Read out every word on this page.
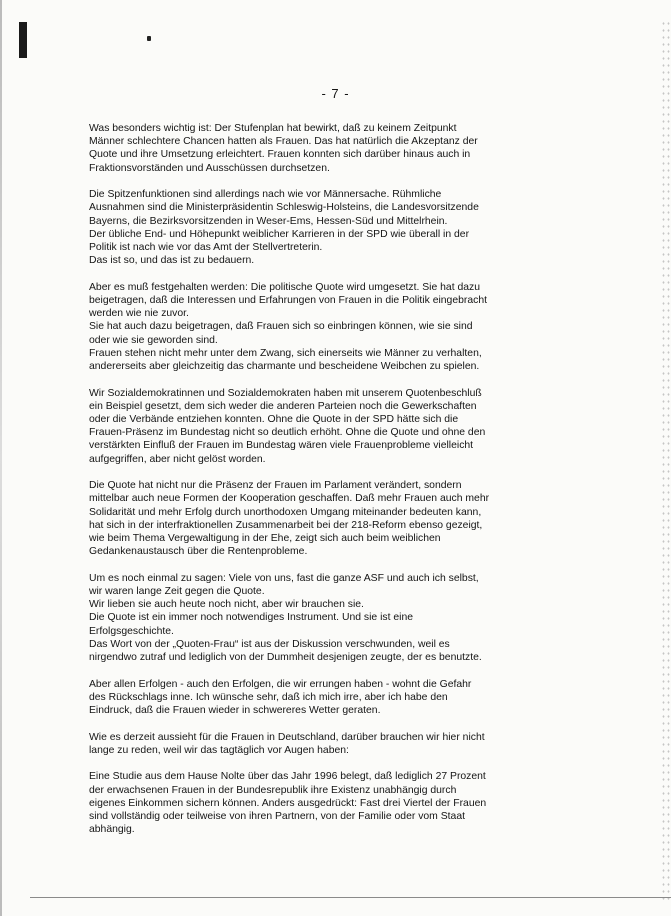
- 7 -

Was besonders wichtig ist: Der Stufenplan hat bewirkt, daß zu keinem Zeitpunkt
Männer schlechtere Chancen hatten als Frauen. Das hat natürlich die Akzeptanz der
Quote und ihre Umsetzung erleichtert. Frauen konnten sich darüber hinaus auch in
Fraktionsvorständen und Ausschüssen durchsetzen.

Die Spitzenfunktionen sind allerdings nach wie vor Männersache. Rühmliche
Ausnahmen sind die Ministerpräsidentin Schleswig-Holsteins, die Landesvorsitzende
Bayerns, die Bezirksvorsitzenden in Weser-Ems, Hessen-Süd und Mittelrhein.
Der übliche End- und Höhepunkt weiblicher Karrieren in der SPD wie überall in der
Politik ist nach wie vor das Amt der Stellvertreterin.
Das ist so, und das ist zu bedauern.

Aber es muß festgehalten werden: Die politische Quote wird umgesetzt. Sie hat dazu
beigetragen, daß die Interessen und Erfahrungen von Frauen in die Politik eingebracht
werden wie nie zuvor.
Sie hat auch dazu beigetragen, daß Frauen sich so einbringen können, wie sie sind
oder wie sie geworden sind.
Frauen stehen nicht mehr unter dem Zwang, sich einerseits wie Männer zu verhalten,
andererseits aber gleichzeitig das charmante und bescheidene Weibchen zu spielen.

Wir Sozialdemokratinnen und Sozialdemokraten haben mit unserem Quotenbeschluß
ein Beispiel gesetzt, dem sich weder die anderen Parteien noch die Gewerkschaften
oder die Verbände entziehen konnten. Ohne die Quote in der SPD hätte sich die
Frauen-Präsenz im Bundestag nicht so deutlich erhöht. Ohne die Quote und ohne den
verstärkten Einfluß der Frauen im Bundestag wären viele Frauenprobleme vielleicht
aufgegriffen, aber nicht gelöst worden.

Die Quote hat nicht nur die Präsenz der Frauen im Parlament verändert, sondern
mittelbar auch neue Formen der Kooperation geschaffen. Daß mehr Frauen auch mehr
Solidarität und mehr Erfolg durch unorthodoxen Umgang miteinander bedeuten kann,
hat sich in der interfraktionellen Zusammenarbeit bei der 218-Reform ebenso gezeigt,
wie beim Thema Vergewaltigung in der Ehe, zeigt sich auch beim weiblichen
Gedankenaustausch über die Rentenprobleme.

Um es noch einmal zu sagen: Viele von uns, fast die ganze ASF und auch ich selbst,
wir waren lange Zeit gegen die Quote.
Wir lieben sie auch heute noch nicht, aber wir brauchen sie.
Die Quote ist ein immer noch notwendiges Instrument. Und sie ist eine
Erfolgsgeschichte.
Das Wort von der „Quoten-Frau“ ist aus der Diskussion verschwunden, weil es
nirgendwo zutraf und lediglich von der Dummheit desjenigen zeugte, der es benutzte.

Aber allen Erfolgen - auch den Erfolgen, die wir errungen haben - wohnt die Gefahr
des Rückschlags inne. Ich wünsche sehr, daß ich mich irre, aber ich habe den
Eindruck, daß die Frauen wieder in schwereres Wetter geraten.

Wie es derzeit aussieht für die Frauen in Deutschland, darüber brauchen wir hier nicht
lange zu reden, weil wir das tagtäglich vor Augen haben:

Eine Studie aus dem Hause Nolte über das Jahr 1996 belegt, daß lediglich 27 Prozent
der erwachsenen Frauen in der Bundesrepublik ihre Existenz unabhängig durch
eigenes Einkommen sichern können. Anders ausgedrückt: Fast drei Viertel der Frauen
sind vollständig oder teilweise von ihren Partnern, von der Familie oder vom Staat
abhängig.
